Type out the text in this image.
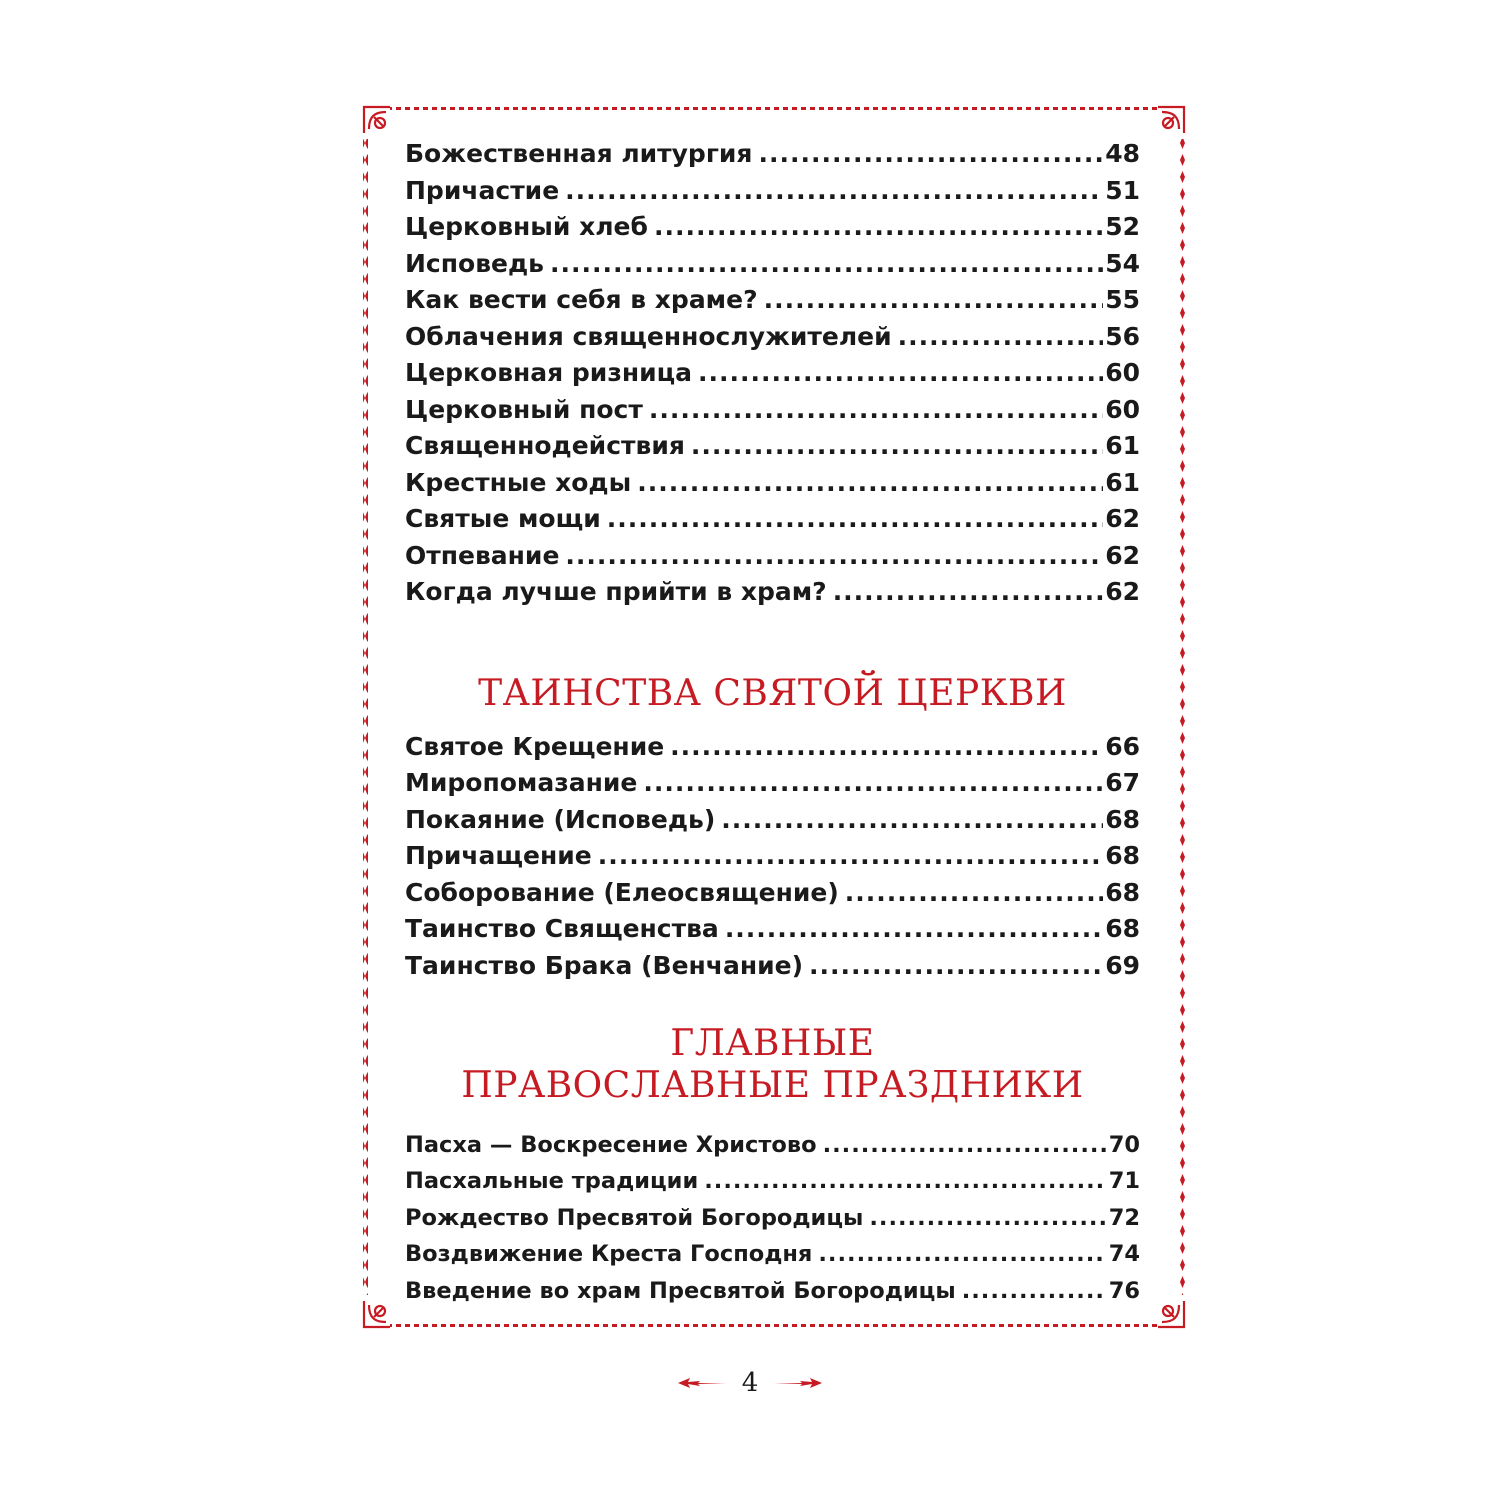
Божественная литургия .....	48
Причастие .....	51
Церковный хлеб .....	52
Исповедь .....	54
Как вести себя в храме? .....	55
Облачения священнослужителей .....	56
Церковная ризница .....	60
Церковный пост .....	60
Священнодействия .....	61
Крестные ходы .....	61
Святые мощи .....	62
Отпевание .....	62
Когда лучше прийти в храм? .....	62
ТАИНСТВА СВЯТОЙ ЦЕРКВИ
Святое Крещение .....	66
Миропомазание .....	67
Покаяние (Исповедь) .....	68
Причащение .....	68
Соборование (Елеосвящение) .....	68
Таинство Священства .....	68
Таинство Брака (Венчание) .....	69
ГЛАВНЫЕ
ПРАВОСЛАВНЫЕ ПРАЗДНИКИ
Пасха — Воскресение Христово .....	70
Пасхальные традиции .....	71
Рождество Пресвятой Богородицы .....	72
Воздвижение Креста Господня .....	74
Введение во храм Пресвятой Богородицы .....	76
4
